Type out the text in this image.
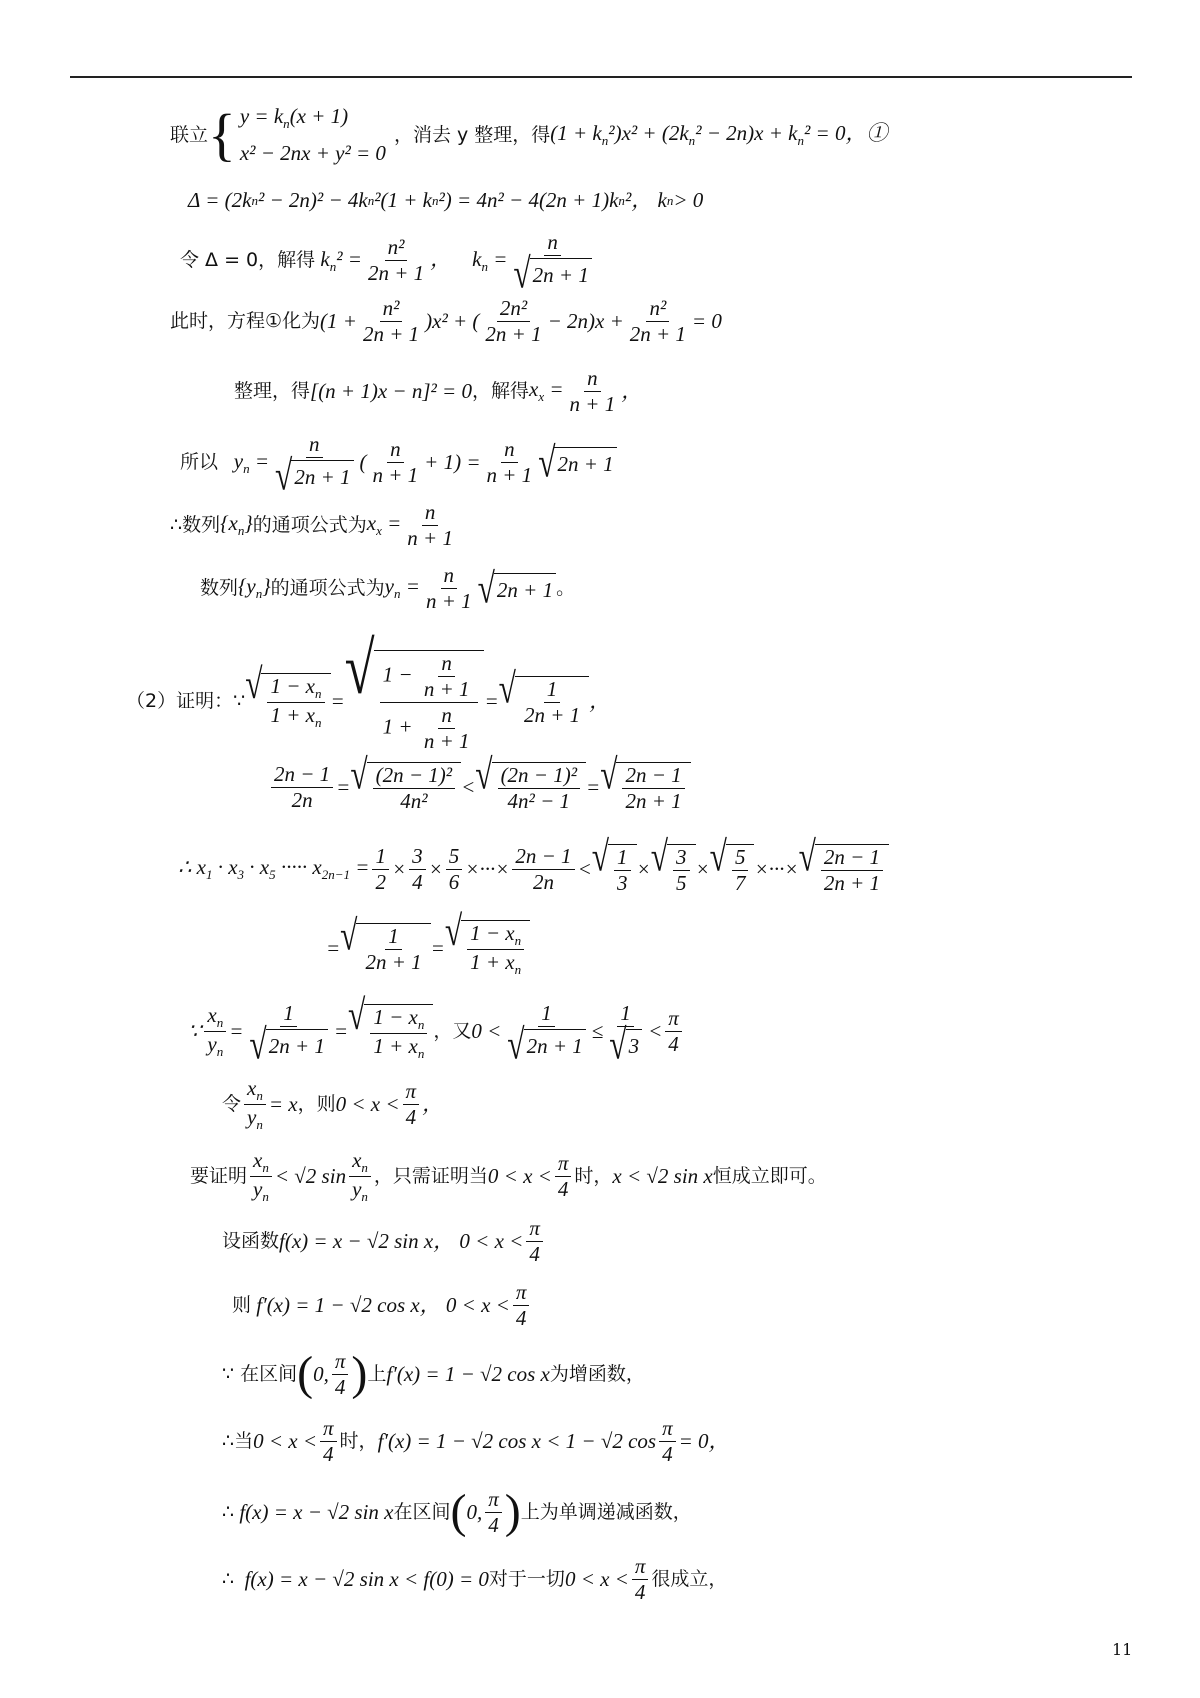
联立 { $y = k_n(x + 1)$
x² − 2nx + y² = 0
，消去 y 整理，得 $(1 + k_n^2)x^2 + (2k_n^2 - 2n)x + k_n^2 = 0$，①
Δ = (2k n ² − 2n)² − 4k n ²(1 + k n ²) = 4n² − 4(2n + 1)k n ²， k n > 0
令 Δ = 0，解得 $k_n^2 = \frac{\text{n²}}{2n + 1}$ ，    $k_n = \frac{n}{√ 2n + 1}$
此时，方程①化为 $(1 + \frac{\text{n²}}{2n + 1} )x^2$ + ( $\frac{\text{2n²}}{2n + 1} - 2n)x + \frac{\text{n²}}{2n + 1} = 0$
整理，得 [(n + 1)x − n]² = 0 ，解得 $x_x = \frac{n}{n + 1}$ ，
所以 $y_n = \frac{n}{√ 2n + 1}$ ( $\frac{n}{n + 1} + 1) = \frac{n}{n + 1}$ √ 2n + 1
∴数列 $\{x_n\}$ 的通项公式为 $x_x = \frac{n}{n + 1}$
数列 $\{y_n\}$ 的通项公式为 $y_n = \frac{n}{n + 1}$ √ 2n + 1 。
（2）证明：∵ √ $\frac{1 - x_n}{1 + x_n}$ = √ $\frac{1 - \frac{n}{n + 1}}{1 + \frac{n}{n + 1}}$ = √ $\frac{1}{2n + 1}$ ，
$\frac{2n - 1}{2n}$ = √ $\frac{\text{(2n − 1)²}}{\text{4n²}}$ < √ $\frac{\text{(2n − 1)²}}{\text{4n² − 1}}$ = √ $\frac{2n - 1}{2n + 1}$
∴ $x_1 \cdot x_3 \cdot x_5$ ····· $x_{2n-1} = \frac{1}{2} \times \frac{3}{4} \times \frac{5}{6}$ ×···× $\frac{2n - 1}{2n}$ < √ $\frac{1}{3}$ × √ $\frac{3}{5}$ × √ $\frac{5}{7}$ ×···× √ $\frac{2n - 1}{2n + 1}$
= √ $\frac{1}{2n + 1}$ = √ $\frac{1 - x_n}{1 + x_n}$
∵ $\frac{x_n}{y_n} = \frac{1}{√ 2n + 1}$ = √ $\frac{1 - x_n}{1 + x_n}$ ，又 $0 < \frac{1}{√ 2n + 1} \le \frac{1}{√ 3} < \frac{\pi}{4}$
令 $\frac{x_n}{y_n} = x$ ，则 $0 < x < \frac{\pi}{4}$ ，
要证明 $\frac{x_n}{y_n} < √2$ $\sin \frac{x_n}{y_n}$ ，只需证明当 $0 < x < \frac{\pi}{4}$ 时， x < √2 sin x 恒成立即可。
设函数 f(x) = x − √2 sin x， $0 < x < \frac{\pi}{4}$
则 f′(x) = 1 − √2 cos x， $0 < x < \frac{\pi}{4}$
∵ 在区间 ( 0, $\frac{\pi}{4}$ ) 上 f′(x) = 1 − √2 cos x 为增函数，
∴当 $0 < x < \frac{\pi}{4}$ 时， f′(x) = 1 − √2 cos x < 1 − √2 $\cos \frac{\pi}{4} = 0$，
∴ f(x) = x − √2 sin x 在区间 ( 0, $\frac{\pi}{4}$ ) 上为单调递减函数，
∴ f(x) = x − √2 sin x < f(0) = 0 对于一切 $0 < x < \frac{\pi}{4}$ 很成立，
11
